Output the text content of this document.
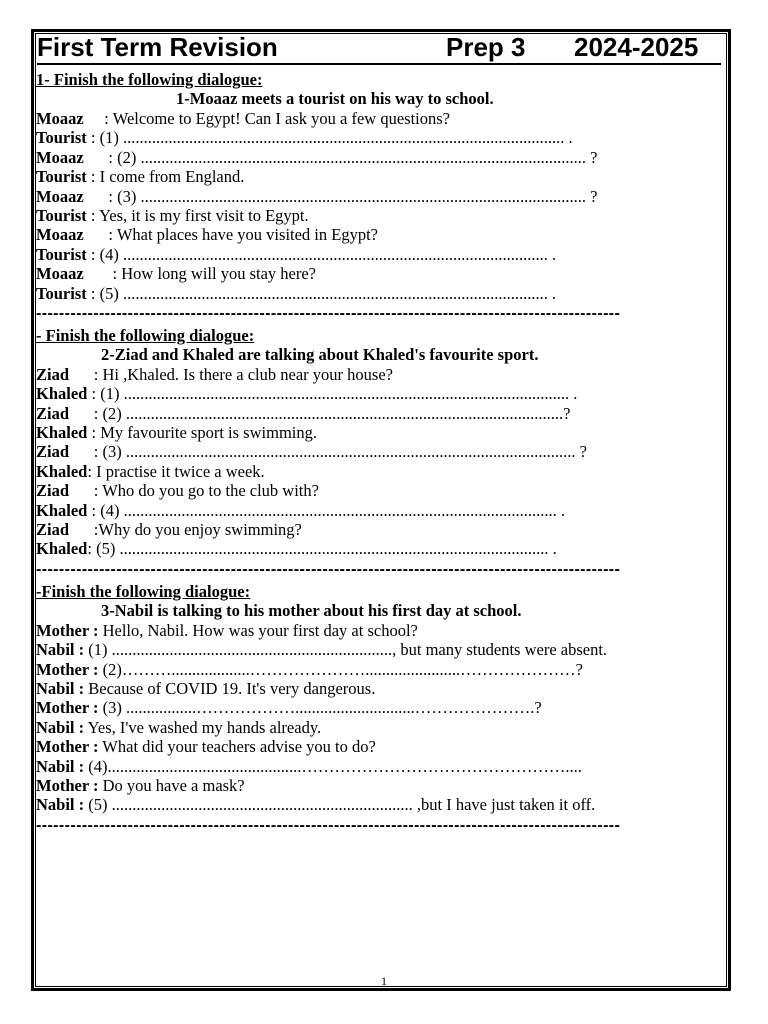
First Term Revision	Prep 3 2024-2025
1- Finish the following dialogue:
1-Moaaz meets a tourist on his way to school.
Moaaz     : Welcome to Egypt! Can I ask you a few questions?
Tourist : (1) ........................................................................................................... .
Moaaz      : (2) ............................................................................................................ ?
Tourist : I come from England.
Moaaz      : (3) ............................................................................................................ ?
Tourist : Yes, it is my first visit to Egypt.
Moaaz      : What places have you visited in Egypt?
Tourist : (4) ....................................................................................................... .
Moaaz       : How long will you stay here?
Tourist : (5) ....................................................................................................... .
------------------------------------------------------------------------------------------------------
- Finish the following dialogue:
2-Ziad and Khaled are talking about Khaled's favourite sport.
Ziad      : Hi ,Khaled. Is there a club near your house?
Khaled : (1) ............................................................................................................ .
Ziad      : (2) ..........................................................................................................?
Khaled : My favourite sport is swimming.
Ziad      : (3) ............................................................................................................. ?
Khaled: I practise it twice a week.
Ziad      : Who do you go to the club with?
Khaled : (4) ......................................................................................................... .
Ziad      :Why do you enjoy swimming?
Khaled: (5) ........................................................................................................ .
------------------------------------------------------------------------------------------------------
-Finish the following dialogue:
3-Nabil is talking to his mother about his first day at school.
Mother : Hello, Nabil. How was your first day at school?
Nabil : (1) ...................................................................., but many students were absent.
Mother : (2)………...................………………….......................…………………?
Nabil : Because of COVID 19. It's very dangerous.
Mother : (3) .................……………….............................………………….?
Nabil : Yes, I've washed my hands already.
Mother : What did your teachers advise you to do?
Nabil : (4)...............................................…………………………………………....
Mother : Do you have a mask?
Nabil : (5) ......................................................................... ,but I have just taken it off.
------------------------------------------------------------------------------------------------------
1
